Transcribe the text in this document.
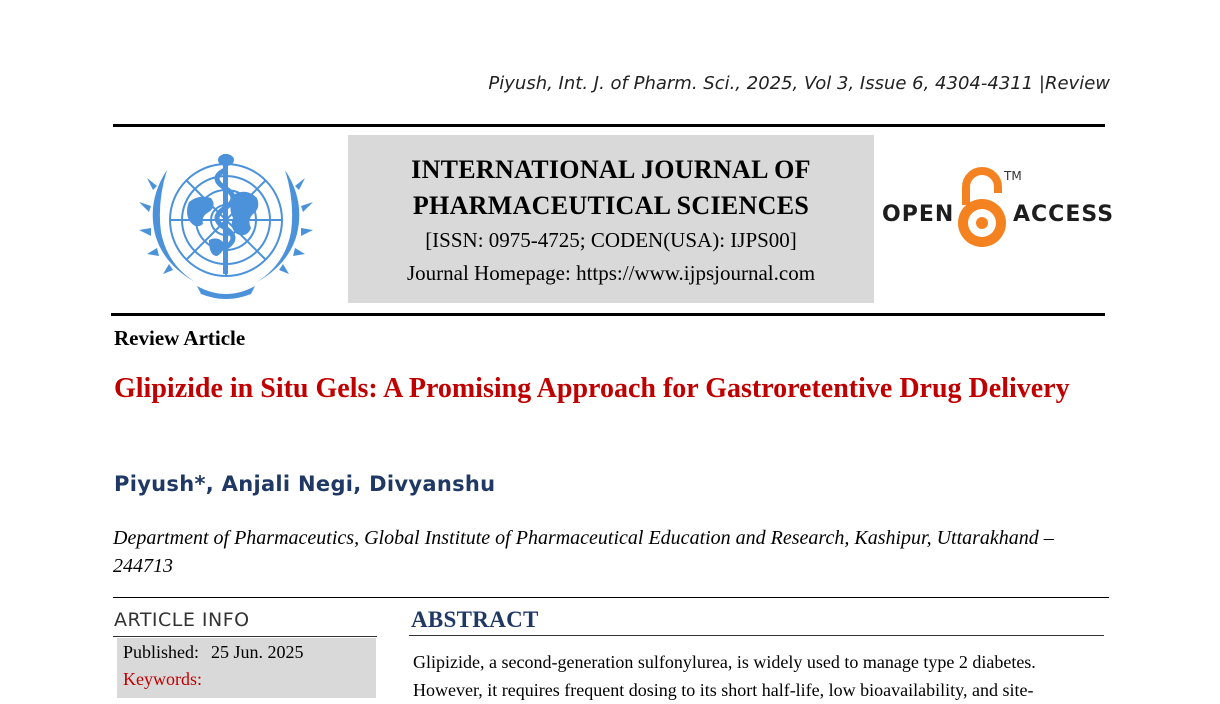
Piyush, Int. J. of Pharm. Sci., 2025, Vol 3, Issue 6, 4304-4311 |Review
INTERNATIONAL JOURNAL OF
PHARMACEUTICAL SCIENCES
[ISSN: 0975-4725; CODEN(USA): IJPS00]
Journal Homepage: https://www.ijpsjournal.com
OPEN
TM
ACCESS
Review Article
Glipizide in Situ Gels: A Promising Approach for Gastroretentive Drug Delivery
Piyush*, Anjali Negi, Divyanshu
Department of Pharmaceutics, Global Institute of Pharmaceutical Education and Research, Kashipur, Uttarakhand – 244713
ARTICLE INFO
Published: 25 Jun. 2025
Keywords:
ABSTRACT
Glipizide, a second-generation sulfonylurea, is widely used to manage type 2 diabetes.
However, it requires frequent dosing to its short half-life, low bioavailability, and site-
